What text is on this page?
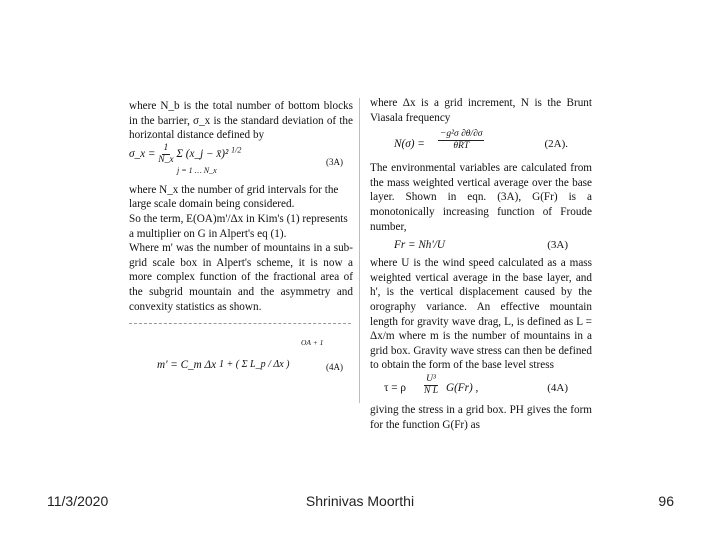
where N_b is the total number of bottom blocks in the barrier, σ_x is the standard deviation of the horizontal distance defined by

σ_x = $\frac{1}{N\_x}$ Σ (x_j − x̄)² $^{1/2}$
j = 1 … N_x
(3A)

where N_x the number of grid intervals for the large scale domain being considered.

So the term, E(OA)m'/Δx in Kim's (1) represents a multiplier on G in Alpert's eq (1).

Where m' was the number of mountains in a sub-grid scale box in Alpert's scheme, it is now a more complex function of the fractional area of the subgrid mountain and the asymmetry and convexity statistics as shown.

m' = C_m Δx 1 + ( Σ L_p / Δx )
OA + 1
(4A)

where Δx is a grid increment, N is the Brunt Viasala frequency

N(σ) =
−g²σ ∂θ/∂σ
θRT	(2A).

The environmental variables are calculated from the mass weighted vertical average over the base layer. Shown in eqn. (3A), G(Fr) is a monotonically increasing function of Froude number,

Fr = Nh'/U	(3A)

where U is the wind speed calculated as a mass weighted vertical average in the base layer, and h', is the vertical displacement caused by the orography variance. An effective mountain length for gravity wave drag, L, is defined as L = Δx/m where m is the number of mountains in a grid box. Gravity wave stress can then be defined to obtain the form of the base level stress

τ = ρ $\frac{\text{U³}}{\text{N L}} G(Fr)$ ,	(4A)

giving the stress in a grid box. PH gives the form for the function G(Fr) as

11/3/2020	Shrinivas Moorthi	96
